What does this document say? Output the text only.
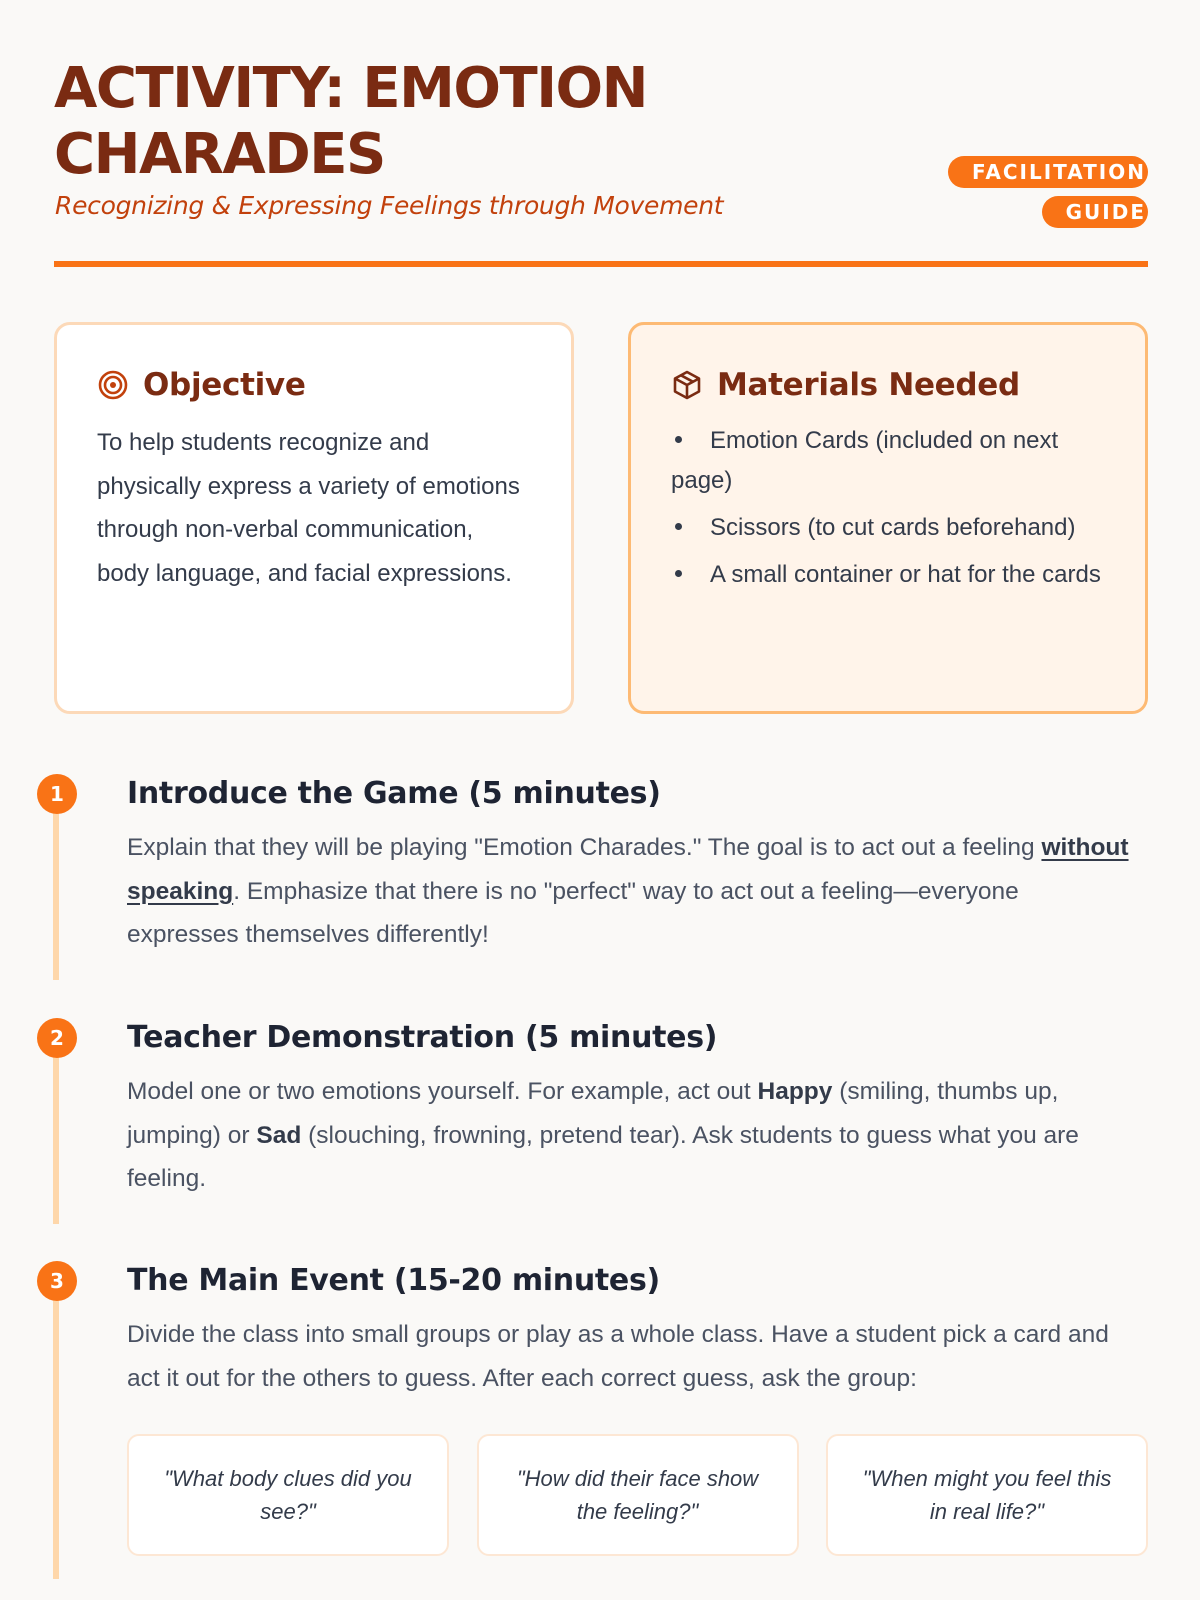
ACTIVITY: EMOTION CHARADES

Recognizing & Expressing Feelings through Movement

FACILITATION GUIDE
Objective

To help students recognize and physically express a variety of emotions through non-verbal communication, body language, and facial expressions.

Materials Needed
Emotion Cards (included on next page)
Scissors (to cut cards beforehand)
A small container or hat for the cards
1	Introduce the Game (5 minutes)

Explain that they will be playing "Emotion Charades." The goal is to act out a feeling without speaking. Emphasize that there is no "perfect" way to act out a feeling—everyone expresses themselves differently!

2	Teacher Demonstration (5 minutes)

Model one or two emotions yourself. For example, act out Happy (smiling, thumbs up, jumping) or Sad (slouching, frowning, pretend tear). Ask students to guess what you are feeling.

3	The Main Event (15-20 minutes)

Divide the class into small groups or play as a whole class. Have a student pick a card and act it out for the others to guess. After each correct guess, ask the group:

"What body clues did you see?"
"How did their face show the feeling?"
"When might you feel this in real life?"
